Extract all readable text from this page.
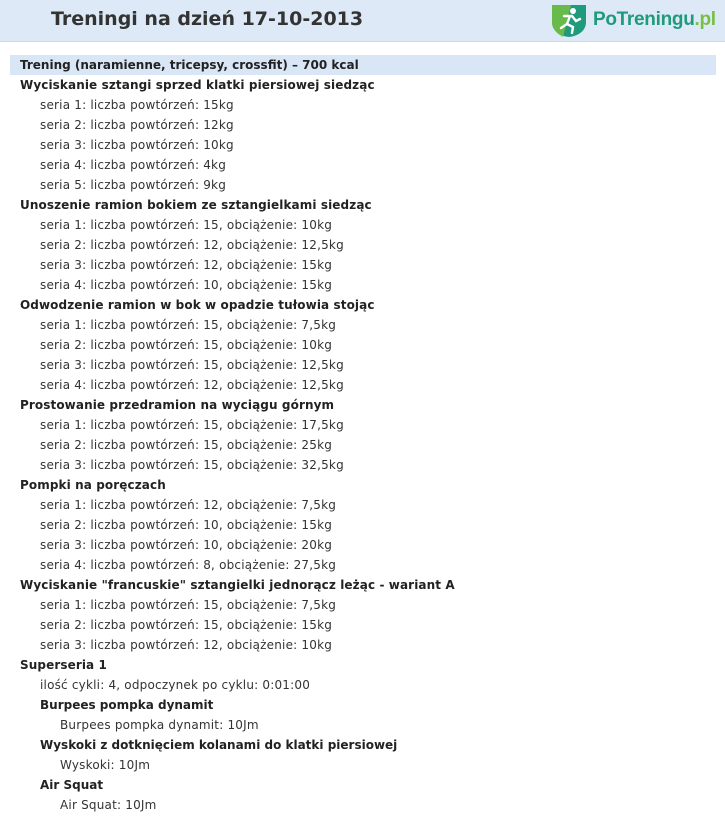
Treningi na dzień 17-10-2013	PoTreningu.pl
Trening (naramienne, tricepsy, crossfit) – 700 kcal
Wyciskanie sztangi sprzed klatki piersiowej siedząc
seria 1: liczba powtórzeń: 15kg
seria 2: liczba powtórzeń: 12kg
seria 3: liczba powtórzeń: 10kg
seria 4: liczba powtórzeń: 4kg
seria 5: liczba powtórzeń: 9kg
Unoszenie ramion bokiem ze sztangielkami siedząc
seria 1: liczba powtórzeń: 15, obciążenie: 10kg
seria 2: liczba powtórzeń: 12, obciążenie: 12,5kg
seria 3: liczba powtórzeń: 12, obciążenie: 15kg
seria 4: liczba powtórzeń: 10, obciążenie: 15kg
Odwodzenie ramion w bok w opadzie tułowia stojąc
seria 1: liczba powtórzeń: 15, obciążenie: 7,5kg
seria 2: liczba powtórzeń: 15, obciążenie: 10kg
seria 3: liczba powtórzeń: 15, obciążenie: 12,5kg
seria 4: liczba powtórzeń: 12, obciążenie: 12,5kg
Prostowanie przedramion na wyciągu górnym
seria 1: liczba powtórzeń: 15, obciążenie: 17,5kg
seria 2: liczba powtórzeń: 15, obciążenie: 25kg
seria 3: liczba powtórzeń: 15, obciążenie: 32,5kg
Pompki na poręczach
seria 1: liczba powtórzeń: 12, obciążenie: 7,5kg
seria 2: liczba powtórzeń: 10, obciążenie: 15kg
seria 3: liczba powtórzeń: 10, obciążenie: 20kg
seria 4: liczba powtórzeń: 8, obciążenie: 27,5kg
Wyciskanie "francuskie" sztangielki jednorącz leżąc - wariant A
seria 1: liczba powtórzeń: 15, obciążenie: 7,5kg
seria 2: liczba powtórzeń: 15, obciążenie: 15kg
seria 3: liczba powtórzeń: 12, obciążenie: 10kg
Superseria 1
ilość cykli: 4, odpoczynek po cyklu: 0:01:00
Burpees pompka dynamit
Burpees pompka dynamit: 10Jm
Wyskoki z dotknięciem kolanami do klatki piersiowej
Wyskoki: 10Jm
Air Squat
Air Squat: 10Jm
